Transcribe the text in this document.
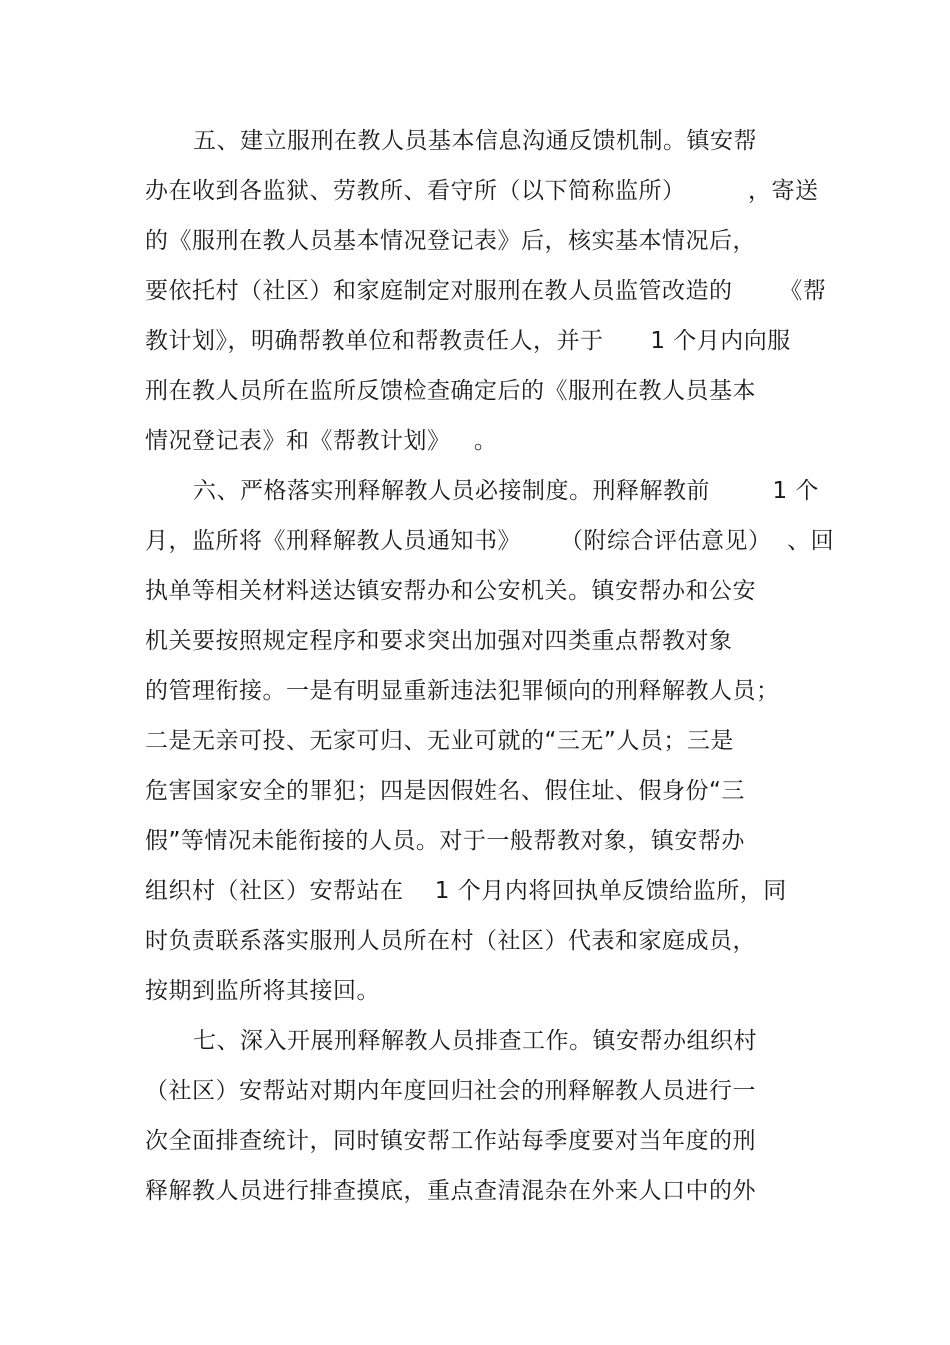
五、建立服刑在教人员基本信息沟通反馈机制。镇安帮
办在收到各监狱、劳教所、看守所（以下简称监所）        ，寄送
的《服刑在教人员基本情况登记表》后，核实基本情况后，
要依托村（社区）和家庭制定对服刑在教人员监管改造的      《帮
教计划》，明确帮教单位和帮教责任人，并于      1 个月内向服
刑在教人员所在监所反馈检查确定后的《服刑在教人员基本
情况登记表》和《帮教计划》   。
六、严格落实刑释解教人员必接制度。刑释解教前        1 个
月，监所将《刑释解教人员通知书》     （附综合评估意见）  、回
执单等相关材料送达镇安帮办和公安机关。镇安帮办和公安
机关要按照规定程序和要求突出加强对四类重点帮教对象
的管理衔接。一是有明显重新违法犯罪倾向的刑释解教人员；
二是无亲可投、无家可归、无业可就的“三无”人员；三是
危害国家安全的罪犯；四是因假姓名、假住址、假身份“三
假”等情况未能衔接的人员。对于一般帮教对象，镇安帮办
组织村（社区）安帮站在    1 个月内将回执单反馈给监所，同
时负责联系落实服刑人员所在村（社区）代表和家庭成员，
按期到监所将其接回。
七、深入开展刑释解教人员排查工作。镇安帮办组织村
（社区）安帮站对期内年度回归社会的刑释解教人员进行一
次全面排查统计，同时镇安帮工作站每季度要对当年度的刑
释解教人员进行排查摸底，重点查清混杂在外来人口中的外
